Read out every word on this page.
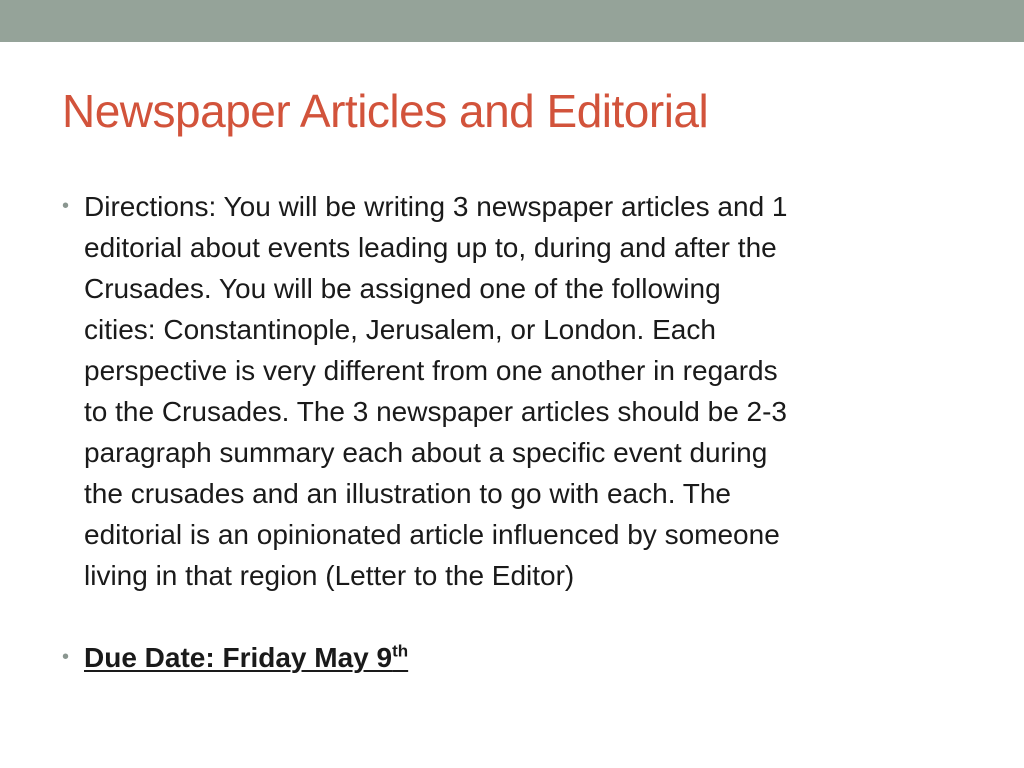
Newspaper Articles and Editorial
• Directions: You will be writing 3 newspaper articles and 1
editorial about events leading up to, during and after the
Crusades. You will be assigned one of the following
cities: Constantinople, Jerusalem, or London. Each
perspective is very different from one another in regards
to the Crusades. The 3 newspaper articles should be 2-3
paragraph summary each about a specific event during
the crusades and an illustration to go with each. The
editorial is an opinionated article influenced by someone
living in that region (Letter to the Editor)
• Due Date: Friday May 9th
